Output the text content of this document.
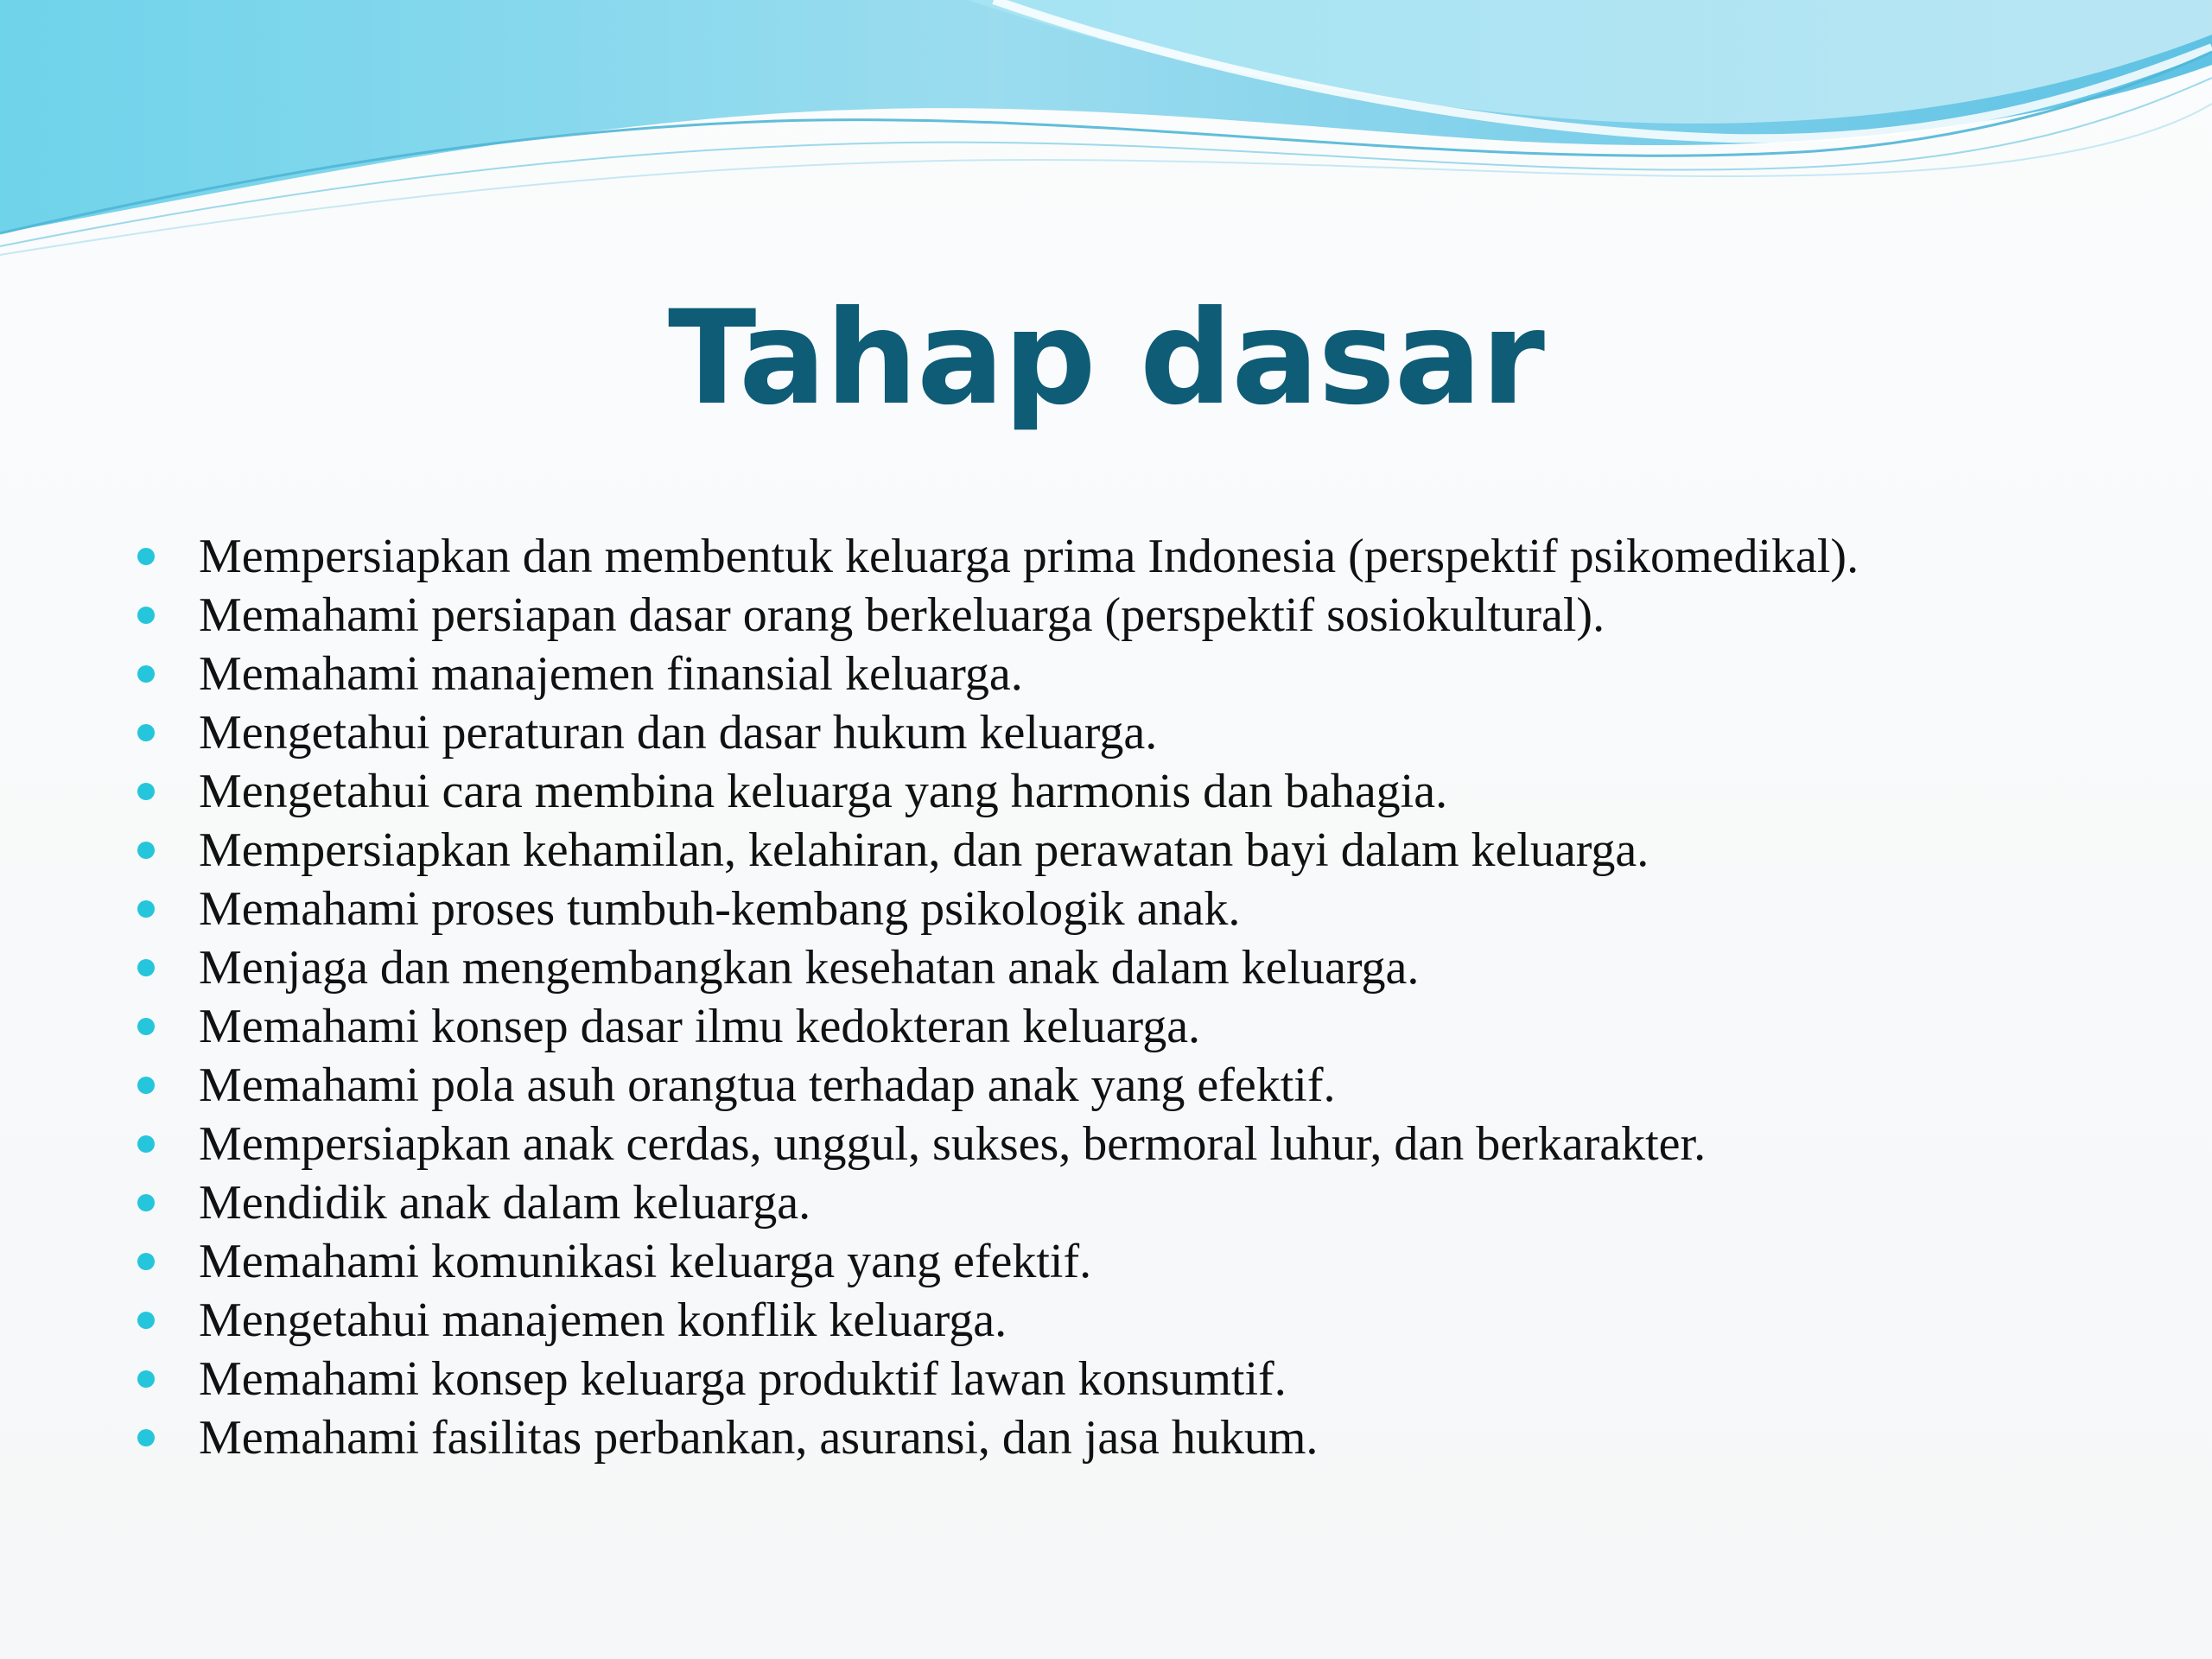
Tahap dasar
Mempersiapkan dan membentuk keluarga prima Indonesia (perspektif psikomedikal).
Memahami persiapan dasar orang berkeluarga (perspektif sosiokultural).
Memahami manajemen finansial keluarga.
Mengetahui peraturan dan dasar hukum keluarga.
Mengetahui cara membina keluarga yang harmonis dan bahagia.
Mempersiapkan kehamilan, kelahiran, dan perawatan bayi dalam keluarga.
Memahami proses tumbuh-kembang psikologik anak.
Menjaga dan mengembangkan kesehatan anak dalam keluarga.
Memahami konsep dasar ilmu kedokteran keluarga.
Memahami pola asuh orangtua terhadap anak yang efektif.
Mempersiapkan anak cerdas, unggul, sukses, bermoral luhur, dan berkarakter.
Mendidik anak dalam keluarga.
Memahami komunikasi keluarga yang efektif.
Mengetahui manajemen konflik keluarga.
Memahami konsep keluarga produktif lawan konsumtif.
Memahami fasilitas perbankan, asuransi, dan jasa hukum.
